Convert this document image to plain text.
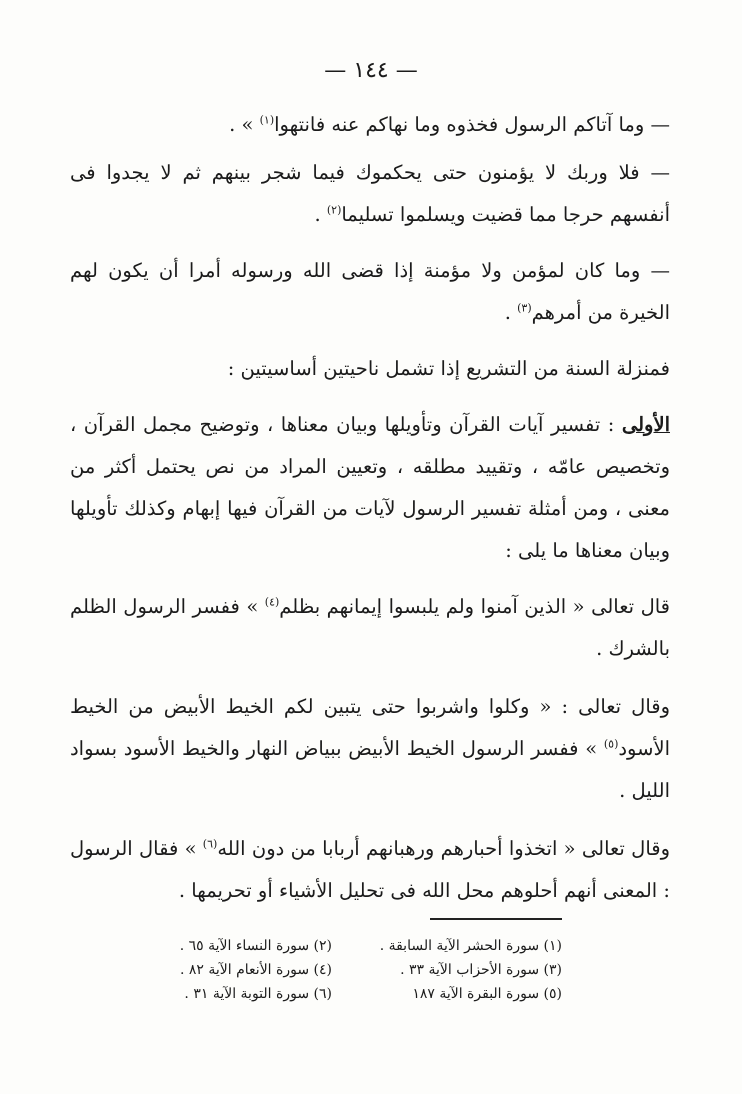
— ١٤٤ —

— وما آتاكم الرسول فخذوه وما نهاكم عنه فانتهوا$^{(١)}$ » .

— فلا وربك لا يؤمنون حتى يحكموك فيما شجر بينهم ثم لا يجدوا فى أنفسهم حرجا مما قضيت ويسلموا تسليما$^{(٢)}$ .

— وما كان لمؤمن ولا مؤمنة إذا قضى الله ورسوله أمرا أن يكون لهم الخيرة من أمرهم$^{(٣)}$ .

فمنزلة السنة من التشريع إذا تشمل ناحيتين أساسيتين :

الأولى : تفسير آيات القرآن وتأويلها وبيان معناها ، وتوضيح مجمل القرآن ، وتخصيص عامّه ، وتقييد مطلقه ، وتعيين المراد من نص يحتمل أكثر من معنى ، ومن أمثلة تفسير الرسول لآيات من القرآن فيها إبهام وكذلك تأويلها وبيان معناها ما يلى :

قال تعالى « الذين آمنوا ولم يلبسوا إيمانهم بظلم$^{(٤)}$ » ففسر الرسول الظلم بالشرك .

وقال تعالى : « وكلوا واشربوا حتى يتبين لكم الخيط الأبيض من الخيط الأسود$^{(٥)}$ » ففسر الرسول الخيط الأبيض ببياض النهار والخيط الأسود بسواد الليل .

وقال تعالى « اتخذوا أحبارهم ورهبانهم أربابا من دون الله$^{(٦)}$ » فقال الرسول : المعنى أنهم أحلوهم محل الله فى تحليل الأشياء أو تحريمها .

(١) سورة الحشر الآية السابقة .
(٢) سورة النساء الآية ٦٥ .
(٣) سورة الأحزاب الآية ٣٣ .
(٤) سورة الأنعام الآية ٨٢ .
(٥) سورة البقرة الآية ١٨٧
(٦) سورة التوبة الآية ٣١ .
